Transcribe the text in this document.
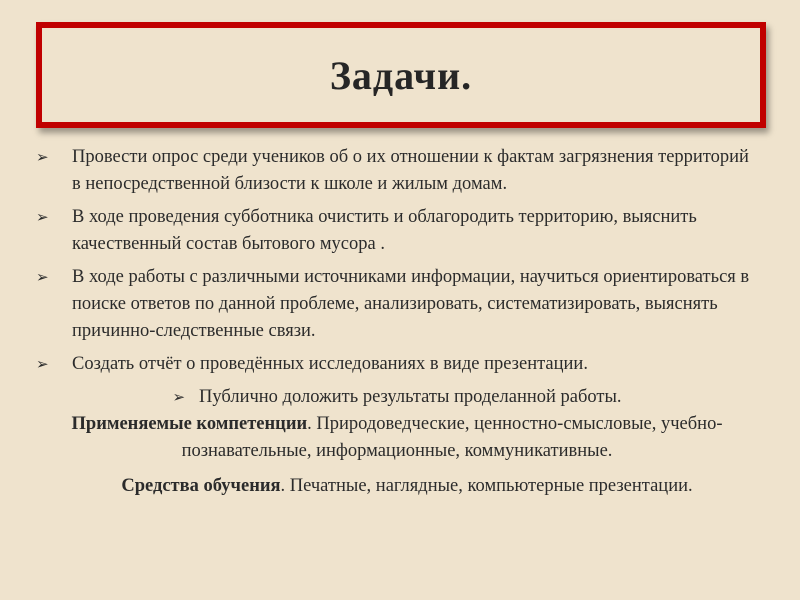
Задачи.
➢	Провести опрос среди учеников об о их отношении к фактам загрязнения территорий в непосредственной близости к школе и жилым домам.
➢	В ходе проведения субботника очистить и облагородить территорию, выяснить качественный состав бытового мусора .
➢	В ходе работы с различными источниками информации, научиться ориентироваться в поиске ответов по данной проблеме, анализировать, систематизировать, выяснять причинно-следственные связи.
➢	Создать отчёт о проведённых исследованиях в виде презентации.
➢ Публично доложить результаты проделанной работы.
Применяемые компетенции. Природоведческие, ценностно-смысловые, учебно-познавательные, информационные, коммуникативные.
Средства обучения. Печатные, наглядные, компьютерные презентации.
